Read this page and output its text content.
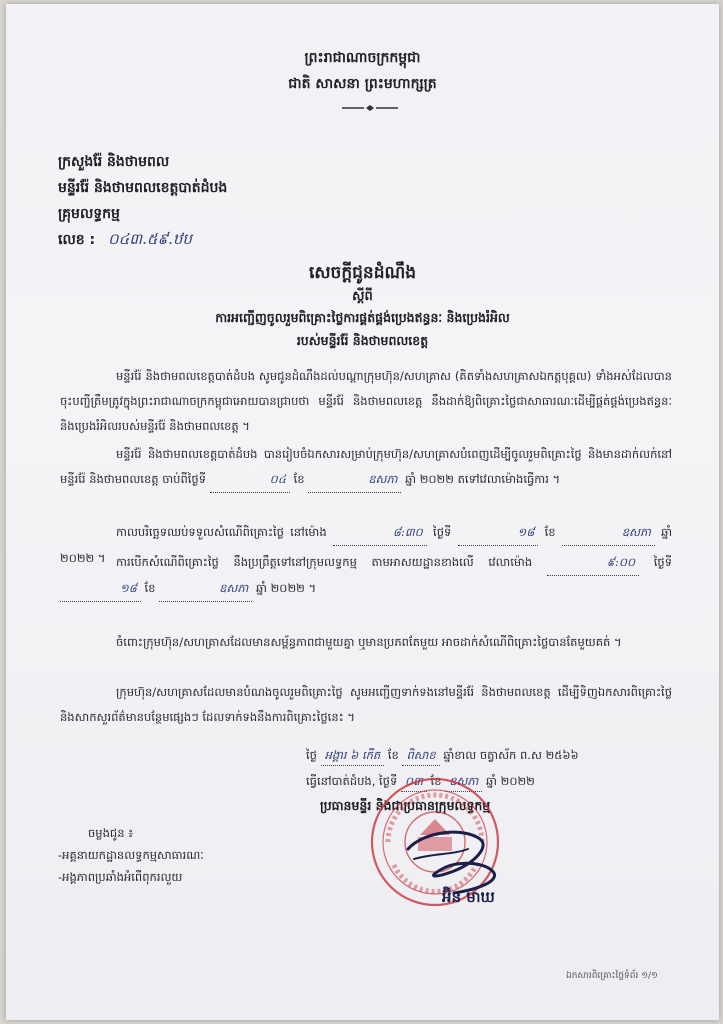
ព្រះរាជាណាចក្រកម្ពុជា
ជាតិ សាសនា ព្រះមហាក្សត្រ
ក្រសួងរ៉ែ និងថាមពល
មន្ទីររ៉ែ និងថាមពលខេត្តបាត់ដំបង
គ្រុមលទ្ធកម្ម
លេខ : ០៤៣.៥៩.ឋប
សេចក្តីជូនដំណឹង
ស្តីពី
ការអញ្ជើញចូលរួមពិគ្រោះថ្លៃការផ្គត់ផ្គង់ប្រេងឥន្ធនៈ និងប្រេងរំអិល
របស់មន្ទីររ៉ែ និងថាមពលខេត្ត
មន្ទីររ៉ែ និងថាមពលខេត្តបាត់ដំបង សូមជូនដំណឹងដល់បណ្តាក្រុមហ៊ុន/សហគ្រាស (គិតទាំងសហគ្រាសឯកត្តបុគ្គល) ទាំងអស់ដែលបានចុះបញ្ជីត្រឹមត្រូវក្នុងព្រះរាជាណាចក្រកម្ពុជាអោយបានជ្រាបថា មន្ទីររ៉ែ និងថាមពលខេត្ត នឹងដាក់ឱ្យពិគ្រោះថ្លៃជាសាធារណៈដើម្បីផ្គត់ផ្គង់ប្រេងឥន្ធនៈ និងប្រេងរំអិលរបស់មន្ទីររ៉ែ និងថាមពលខេត្ត ។
មន្ទីររ៉ែ និងថាមពលខេត្តបាត់ដំបង បានរៀបចំឯកសារសម្រាប់ក្រុមហ៊ុន/សហគ្រាសបំពេញដើម្បីចូលរួមពិគ្រោះថ្លៃ និងមានដាក់លក់នៅមន្ទីររ៉ែ និងថាមពលខេត្ត ចាប់ពីថ្ងៃទី	០៤ ខែ	ឧសភា ឆ្នាំ ២០២២ តទៅវេលាម៉ោងធ្វើការ ។
កាលបរិច្ឆេទឈប់ទទួលសំណើពិគ្រោះថ្លៃ នៅម៉ោង	៨:៣០ ថ្ងៃទី	១៨ ខែ	ឧសភា ឆ្នាំ ២០២២ ។ ការបើកសំណើពិគ្រោះថ្លៃ នឹងប្រព្រឹត្តទៅនៅក្រុមលទ្ធកម្ម តាមអាសយដ្ឋានខាងលើ វេលាម៉ោង	៩:០០ ថ្ងៃទី ១៨ ខែ	ឧសភា ឆ្នាំ ២០២២ ។
ចំពោះក្រុមហ៊ុន/សហគ្រាសដែលមានសម្ព័ន្ធភាពជាមួយគ្នា ឬមានប្រភពតែមួយ អាចដាក់សំណើពិគ្រោះថ្លៃបានតែមួយគត់ ។
ក្រុមហ៊ុន/សហគ្រាសដែលមានបំណងចូលរួមពិគ្រោះថ្លៃ សូមអញ្ជើញទាក់ទងនៅមន្ទីររ៉ែ និងថាមពលខេត្ត ដើម្បីទិញឯកសារពិគ្រោះថ្លៃ និងសាកសួរព័ត៌មានបន្ថែមផ្សេងៗ ដែលទាក់ទងនឹងការពិគ្រោះថ្លៃនេះ ។
ថ្ងៃ អង្គារ ៦ កើត ខែ ពិសាខ ឆ្នាំខាល ចត្វាស័ក ព.ស ២៥៦៦
ធ្វើនៅបាត់ដំបង, ថ្ងៃទី ០៣ ខែ ឧសភា ឆ្នាំ ២០២២
ប្រធានមន្ទីរ និងជាប្រធានក្រុមលទ្ធកម្ម
អ៊ិន មាឃ
ចម្លងជូន ៖
-អគ្គនាយកដ្ឋានលទ្ធកម្មសាធារណៈ
-អង្គភាពប្រឆាំងអំពើពុករលួយ
ឯកសារពិគ្រោះថ្លៃទំព័រ ១/១
